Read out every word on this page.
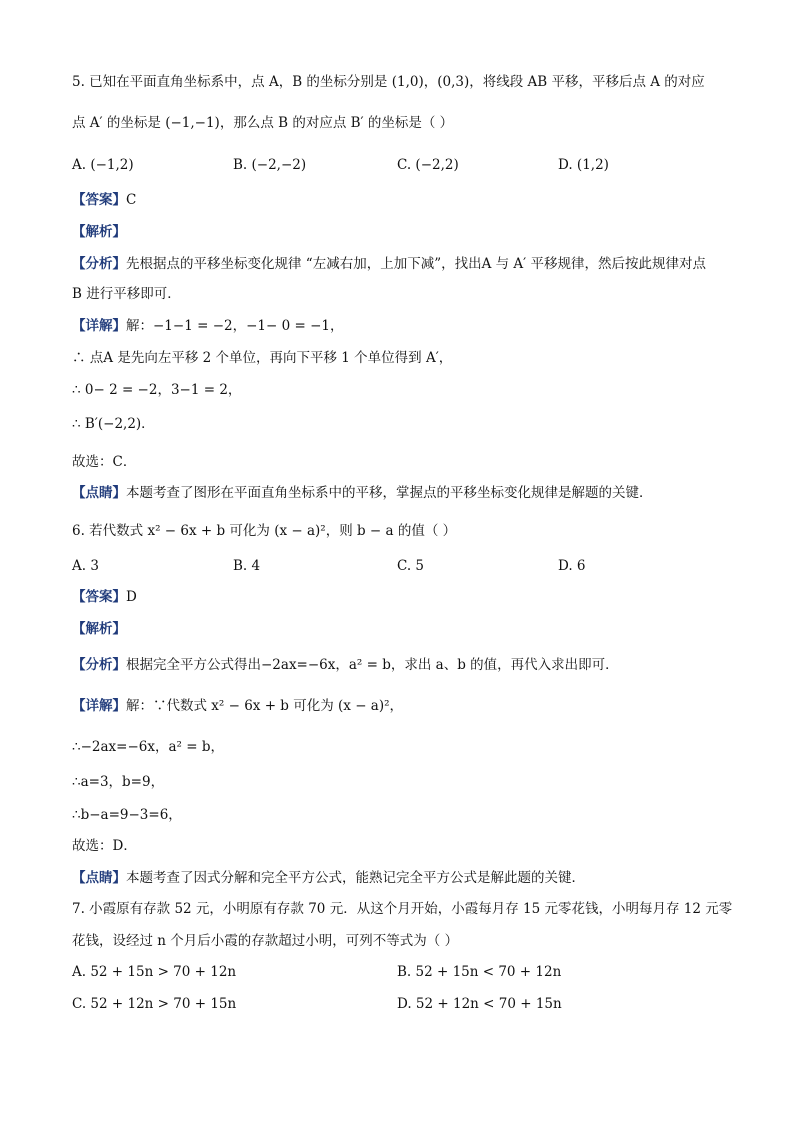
5. 已知在平面直角坐标系中，点 A，B 的坐标分别是 (1,0)，(0,3)，将线段 AB 平移，平移后点 A 的对应
点 A′ 的坐标是 (−1,−1)，那么点 B 的对应点 B′ 的坐标是（ ）
A. (−1,2)	B. (−2,−2)	C. (−2,2)	D. (1,2)
【答案】C
【解析】
【分析】先根据点的平移坐标变化规律 “左减右加，上加下减”，找出A 与 A′ 平移规律，然后按此规律对点
B 进行平移即可．
【详解】解：−1−1 = −2，−1− 0 = −1，
∴ 点A 是先向左平移 2 个单位，再向下平移 1 个单位得到 A′，
∴ 0− 2 = −2，3−1 = 2，
∴ B′(−2,2)．
故选：C．
【点睛】本题考查了图形在平面直角坐标系中的平移，掌握点的平移坐标变化规律是解题的关键．
6. 若代数式 x² − 6x + b 可化为 (x − a)²，则 b − a 的值（ ）
A. 3	B. 4	C. 5	D. 6
【答案】D
【解析】
【分析】根据完全平方公式得出−2ax=−6x，a² = b，求出 a、b 的值，再代入求出即可．
【详解】解：∵代数式 x² − 6x + b 可化为 (x − a)²，
∴−2ax=−6x，a² = b，
∴a=3，b=9，
∴b−a=9−3=6，
故选：D．
【点睛】本题考查了因式分解和完全平方公式，能熟记完全平方公式是解此题的关键．
7. 小霞原有存款 52 元，小明原有存款 70 元．从这个月开始，小霞每月存 15 元零花钱，小明每月存 12 元零
花钱，设经过 n 个月后小霞的存款超过小明，可列不等式为（ ）
A. 52 + 15n > 70 + 12n	B. 52 + 15n < 70 + 12n
C. 52 + 12n > 70 + 15n	D. 52 + 12n < 70 + 15n
